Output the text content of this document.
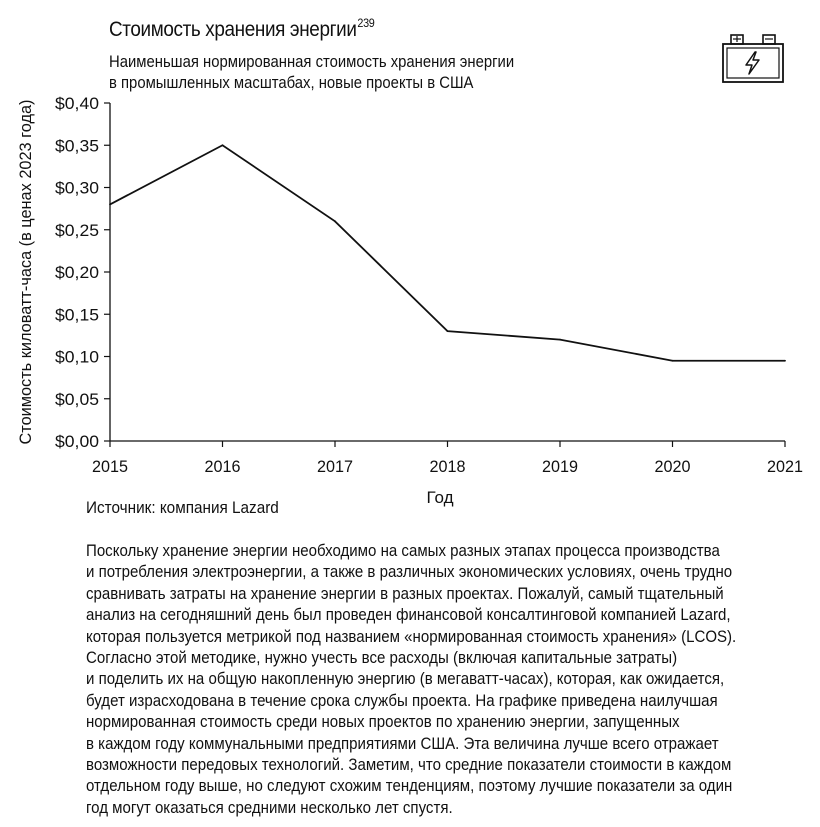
Стоимость хранения энергии$^{239}$
Наименьшая нормированная стоимость хранения энергии
в промышленных масштабах, новые проекты в США
$0,00
$0,05
$0,10
$0,15
$0,20
$0,25
$0,30
$0,35
$0,40
2015	2016	2017	2018	2019	2020	2021
Год
Стоимость киловатт-часа (в ценах 2023 года)
Источник: компания Lazard
Поскольку хранение энергии необходимо на самых разных этапах процесса производства
и потребления электроэнергии, а также в различных экономических условиях, очень трудно
сравнивать затраты на хранение энергии в разных проектах. Пожалуй, самый тщательный
анализ на сегодняшний день был проведен финансовой консалтинговой компанией Lazard,
которая пользуется метрикой под названием «нормированная стоимость хранения» (LCOS).
Согласно этой методике, нужно учесть все расходы (включая капитальные затраты)
и поделить их на общую накопленную энергию (в мегаватт-часах), которая, как ожидается,
будет израсходована в течение срока службы проекта. На графике приведена наилучшая
нормированная стоимость среди новых проектов по хранению энергии, запущенных
в каждом году коммунальными предприятиями США. Эта величина лучше всего отражает
возможности передовых технологий. Заметим, что средние показатели стоимости в каждом
отдельном году выше, но следуют схожим тенденциям, поэтому лучшие показатели за один
год могут оказаться средними несколько лет спустя.
